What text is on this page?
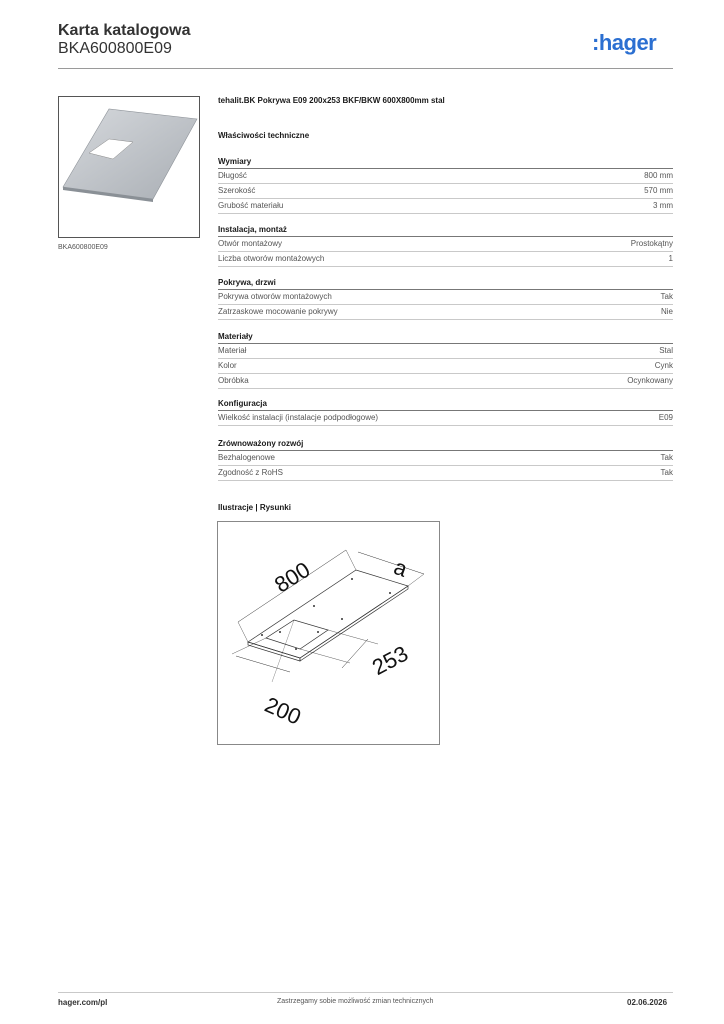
Karta katalogowa
BKA600800E09	:hager
BKA600800E09
tehalit.BK Pokrywa E09 200x253 BKF/BKW 600X800mm stal
Właściwości techniczne
Wymiary
Długość	800 mm
Szerokość	570 mm
Grubość materiału	3 mm
Instalacja, montaż
Otwór montażowy	Prostokątny
Liczba otworów montażowych	1
Pokrywa, drzwi
Pokrywa otworów montażowych	Tak
Zatrzaskowe mocowanie pokrywy	Nie
Materiały
Materiał	Stal
Kolor	Cynk
Obróbka	Ocynkowany
Konfiguracja
Wielkość instalacji (instalacje podpodłogowe)	E09
Zrównoważony rozwój
Bezhalogenowe	Tak
Zgodność z RoHS	Tak
Ilustracje | Rysunki
800	a
253
200
hager.com/pl	Zastrzegamy sobie możliwość zmian technicznych	02.06.2026
